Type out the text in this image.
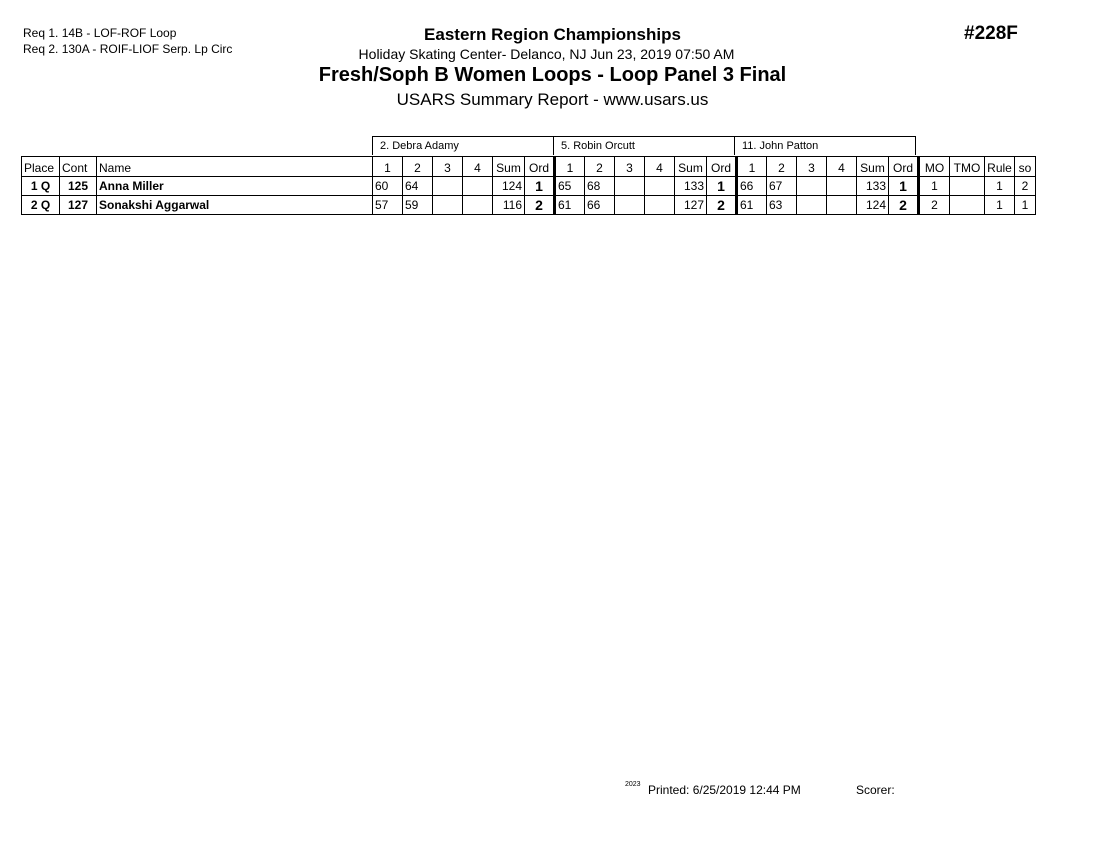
Req 1. 14B - LOF-ROF Loop
Req 2. 130A - ROIF-LIOF Serp. Lp Circ
#228F
Eastern Region Championships
Holiday Skating Center- Delanco, NJ Jun 23, 2019 07:50 AM
Fresh/Soph B Women Loops - Loop Panel 3 Final
USARS Summary Report - www.usars.us
2. Debra Adamy	5. Robin Orcutt	11. John Patton
Place	Cont	Name	1	2	3	4	Sum	Ord	1	2	3	4	Sum	Ord	1	2	3	4	Sum	Ord	MO	TMO	Rule	so
1 Q	125	Anna Miller	60	64			124	1	65	68			133	1	66	67			133	1	1		1	2
2 Q	127	Sonakshi Aggarwal	57	59			116	2	61	66			127	2	61	63			124	2	2		1	1
2023 Printed: 6/25/2019 12:44 PM	Scorer:
